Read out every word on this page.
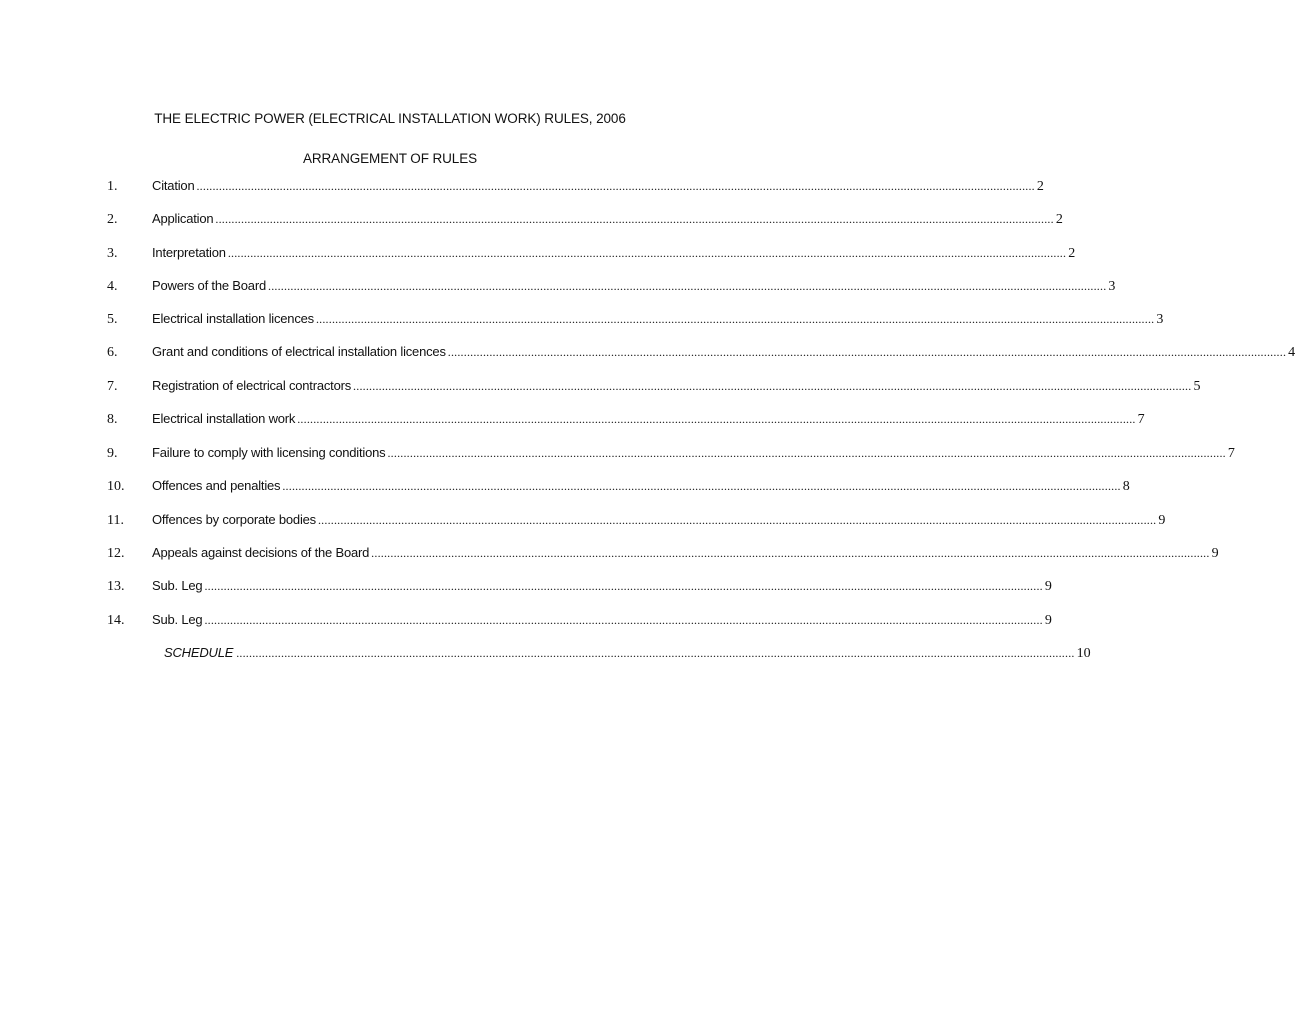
THE ELECTRIC POWER (ELECTRICAL INSTALLATION WORK) RULES, 2006
ARRANGEMENT OF RULES
1.	Citation ...................................................................................................................................................................................................................................................................... 2
2.	Application ...................................................................................................................................................................................................................................................................... 2
3.	Interpretation ...................................................................................................................................................................................................................................................................... 2
4.	Powers of the Board ...................................................................................................................................................................................................................................................................... 3
5.	Electrical installation licences ...................................................................................................................................................................................................................................................................... 3
6.	Grant and conditions of electrical installation licences ...................................................................................................................................................................................................................................................................... 4
7.	Registration of electrical contractors ...................................................................................................................................................................................................................................................................... 5
8.	Electrical installation work ...................................................................................................................................................................................................................................................................... 7
9.	Failure to comply with licensing conditions ...................................................................................................................................................................................................................................................................... 7
10. Offences and penalties ...................................................................................................................................................................................................................................................................... 8
11. Offences by corporate bodies ...................................................................................................................................................................................................................................................................... 9
12. Appeals against decisions of the Board ...................................................................................................................................................................................................................................................................... 9
13. Sub. Leg ...................................................................................................................................................................................................................................................................... 9
14. Sub. Leg ...................................................................................................................................................................................................................................................................... 9
SCHEDULE ...................................................................................................................................................................................................................................................................... 10
